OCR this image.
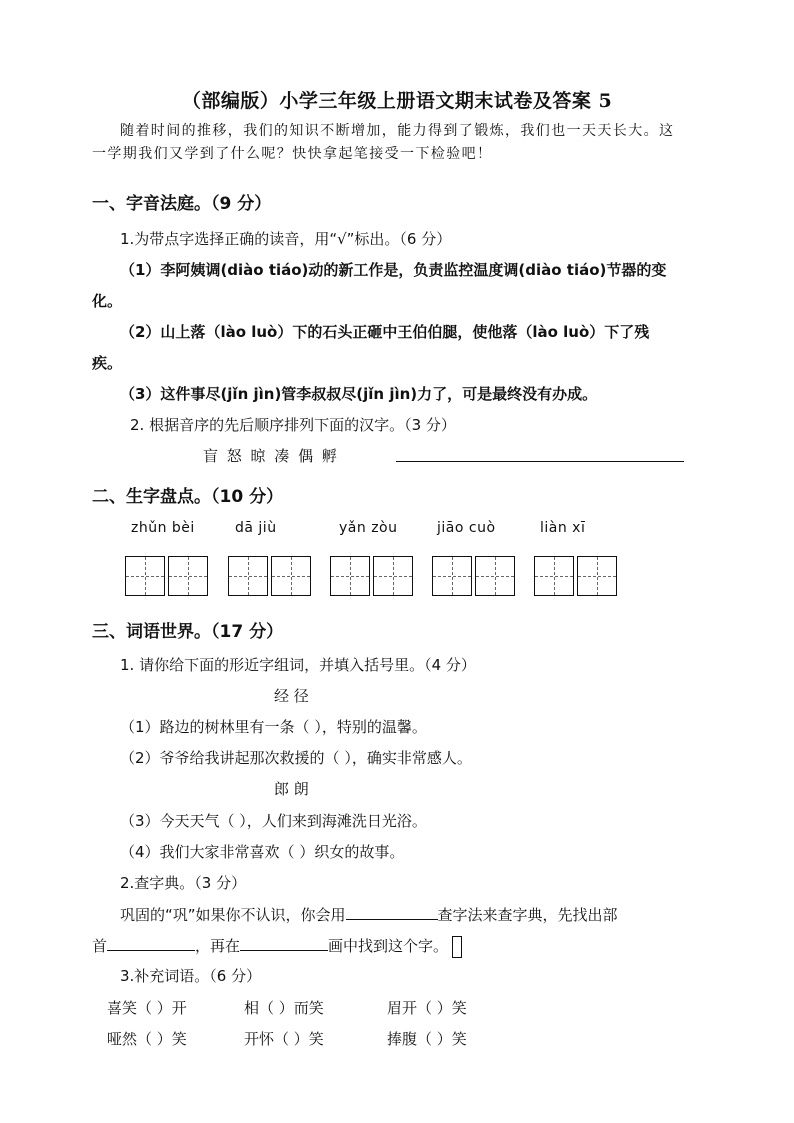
（部编版）小学三年级上册语文期末试卷及答案 5
随着时间的推移，我们的知识不断增加，能力得到了锻炼，我们也一天天长大。这
一学期我们又学到了什么呢？快快拿起笔接受一下检验吧！
一、字音法庭。（9 分）
1.为带点字选择正确的读音，用“√”标出。（6 分）
（1）李阿姨调(diào tiáo)动的新工作是，负责监控温度调(diào tiáo)节器的变
化。
（2）山上落（lào luò）下的石头正砸中王伯伯腿，使他落（lào luò）下了残
疾。
（3）这件事尽(jǐn jìn)管李叔叔尽(jǐn jìn)力了，可是最终没有办成。
2. 根据音序的先后顺序排列下面的汉字。（3 分）
盲 怒 晾 凑 偶 孵
二、生字盘点。（10 分）
zhǔn bèi	dā jiù	yǎn zòu	jiāo cuò	liàn xī
三、词语世界。（17 分）
1. 请你给下面的形近字组词，并填入括号里。（4 分）
经 径
（1）路边的树林里有一条（ ），特别的温馨。
（2）爷爷给我讲起那次救援的（ ），确实非常感人。
郎 朗
（3）今天天气（ ），人们来到海滩洗日光浴。
（4）我们大家非常喜欢（ ）织女的故事。
2.查字典。（3 分）
巩固的“巩”如果你不认识，你会用	查字法来查字典，先找出部
首	，再在	画中找到这个字。
3.补充词语。（6 分）
喜笑（ ）开	相（ ）而笑	眉开（ ）笑
哑然（ ）笑	开怀（ ）笑	捧腹（ ）笑
